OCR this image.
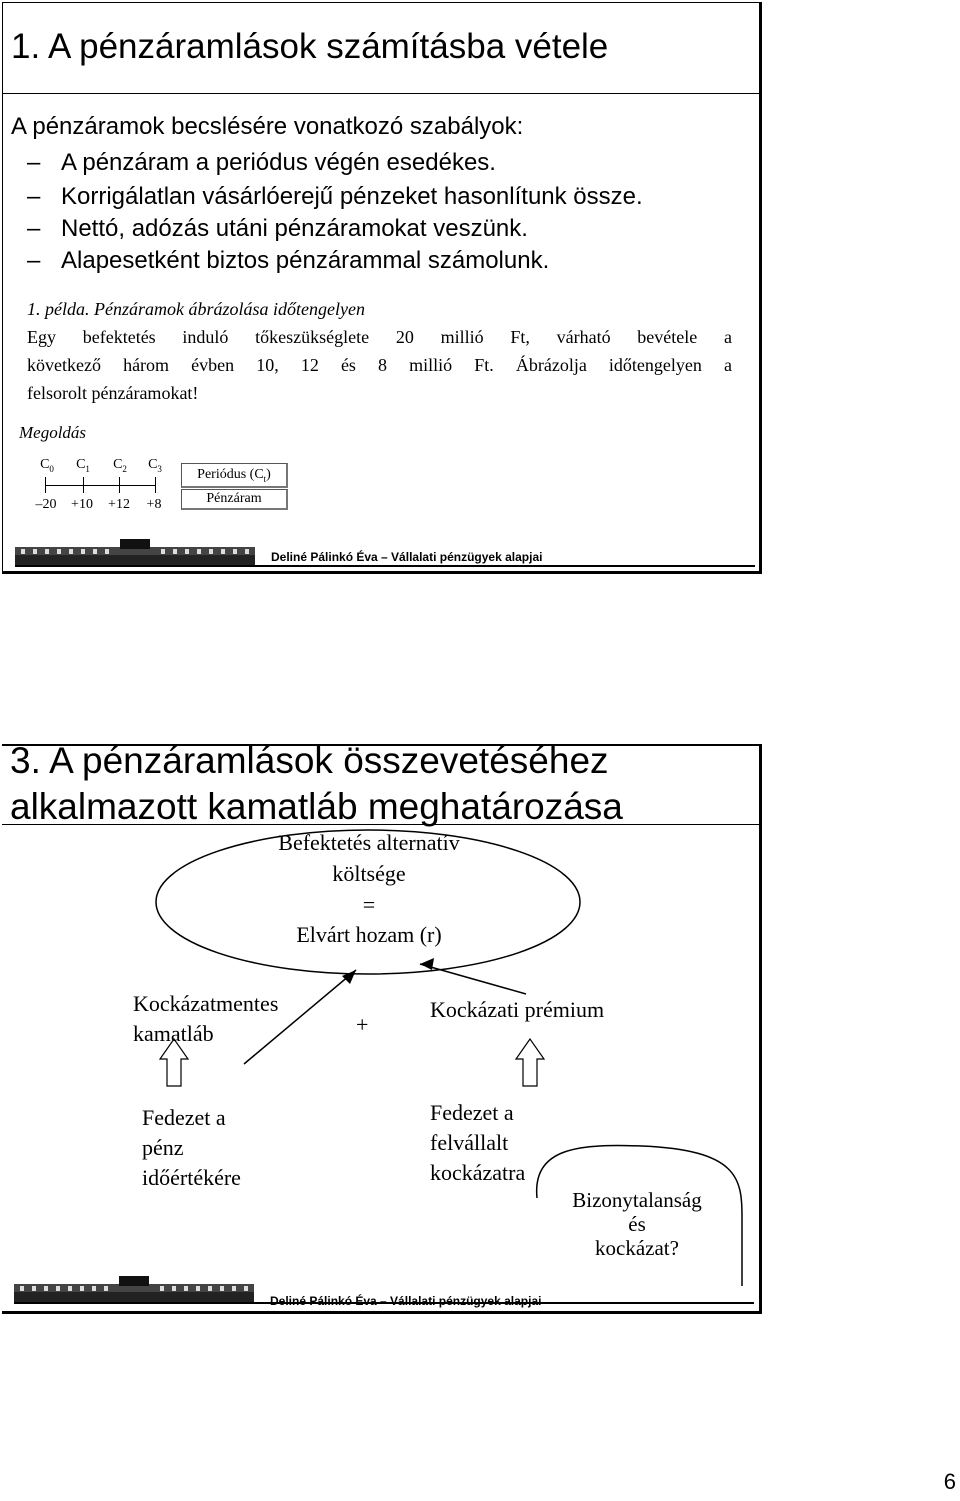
1. A pénzáramlások számításba vétele
A pénzáramok becslésére vonatkozó szabályok:
– A pénzáram a periódus végén esedékes.
– Korrigálatlan vásárlóerejű pénzeket hasonlítunk össze.
– Nettó, adózás utáni pénzáramokat veszünk.
– Alapesetként biztos pénzárammal számolunk.
1. példa. Pénzáramok ábrázolása időtengelyen
Egy befektetés induló tőkeszükséglete 20 millió Ft, várható bevétele a
következő három évben 10, 12 és 8 millió Ft. Ábrázolja időtengelyen a
felsorolt pénzáramokat!
Megoldás
$C_0$	$C_1$	$C_2$	$C_3$
–20	+10	+12	+8
Periódus $(C_t)$
Pénzáram
Deliné Pálinkó Éva – Vállalati pénzügyek alapjai
3. A pénzáramlások összevetéséhez
alkalmazott kamatláb meghatározása
Befektetés alternatív
költsége
=
Elvárt hozam (r)
Kockázatmentes
kamatláb	+
Kockázati prémium
Fedezet a
pénz
időértékére
Fedezet a
felvállalt
kockázatra
Bizonytalanság
és
kockázat?
Deliné Pálinkó Éva – Vállalati pénzügyek alapjai
6
